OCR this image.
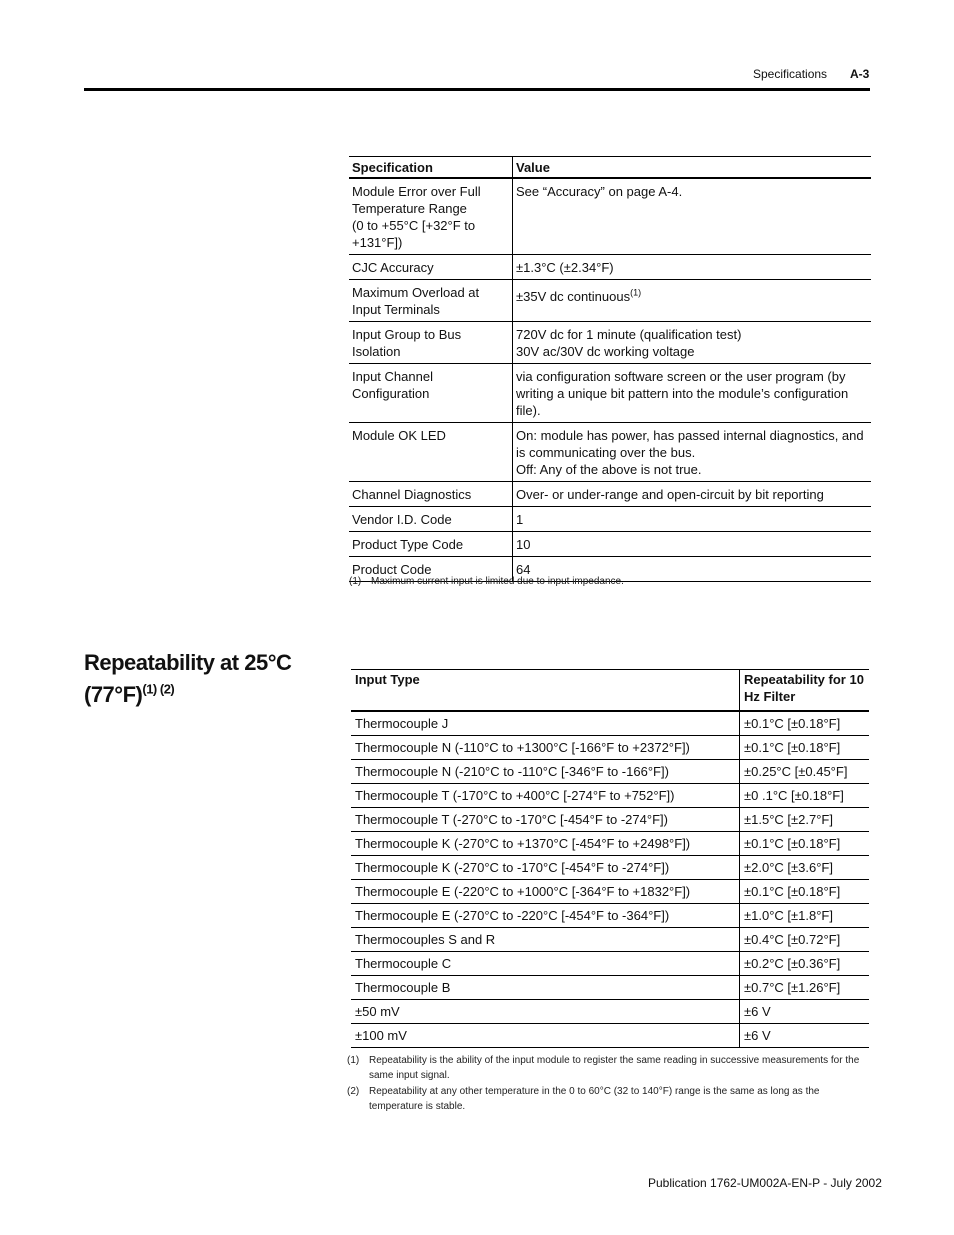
Specifications A-3
Specification	Value
Module Error over Full Temperature Range
(0 to +55°C [+32°F to +131°F])	See “Accuracy” on page A-4.
CJC Accuracy	±1.3°C (±2.34°F)
Maximum Overload at Input Terminals	±35V dc continuous$^{(1)}$
Input Group to Bus Isolation	720V dc for 1 minute (qualification test)
30V ac/30V dc working voltage
Input Channel Configuration	via configuration software screen or the user program (by writing a unique bit pattern into the module’s configuration file).
Module OK LED	On: module has power, has passed internal diagnostics, and is communicating over the bus.
Off: Any of the above is not true.
Channel Diagnostics	Over- or under-range and open-circuit by bit reporting
Vendor I.D. Code	1
Product Type Code	10
Product Code	64
(1) Maximum current input is limited due to input impedance.
Repeatability at 25°C $(77^\circ F)^{(1) (2)}$
Input Type	Repeatability for 10 Hz Filter
Thermocouple J	±0.1°C [±0.18°F]
Thermocouple N (-110°C to +1300°C [-166°F to +2372°F])	±0.1°C [±0.18°F]
Thermocouple N (-210°C to -110°C [-346°F to -166°F])	±0.25°C [±0.45°F]
Thermocouple T (-170°C to +400°C [-274°F to +752°F])	±0 .1°C [±0.18°F]
Thermocouple T (-270°C to -170°C [-454°F to -274°F])	±1.5°C [±2.7°F]
Thermocouple K (-270°C to +1370°C [-454°F to +2498°F])	±0.1°C [±0.18°F]
Thermocouple K (-270°C to -170°C [-454°F to -274°F])	±2.0°C [±3.6°F]
Thermocouple E (-220°C to +1000°C [-364°F to +1832°F])	±0.1°C [±0.18°F]
Thermocouple E (-270°C to -220°C [-454°F to -364°F])	±1.0°C [±1.8°F]
Thermocouples S and R	±0.4°C [±0.72°F]
Thermocouple C	±0.2°C [±0.36°F]
Thermocouple B	±0.7°C [±1.26°F]
±50 mV	±6 V
±100 mV	±6 V
(1) Repeatability is the ability of the input module to register the same reading in successive measurements for the same input signal.
(2) Repeatability at any other temperature in the 0 to 60°C (32 to 140°F) range is the same as long as the temperature is stable.
Publication 1762-UM002A-EN-P - July 2002
